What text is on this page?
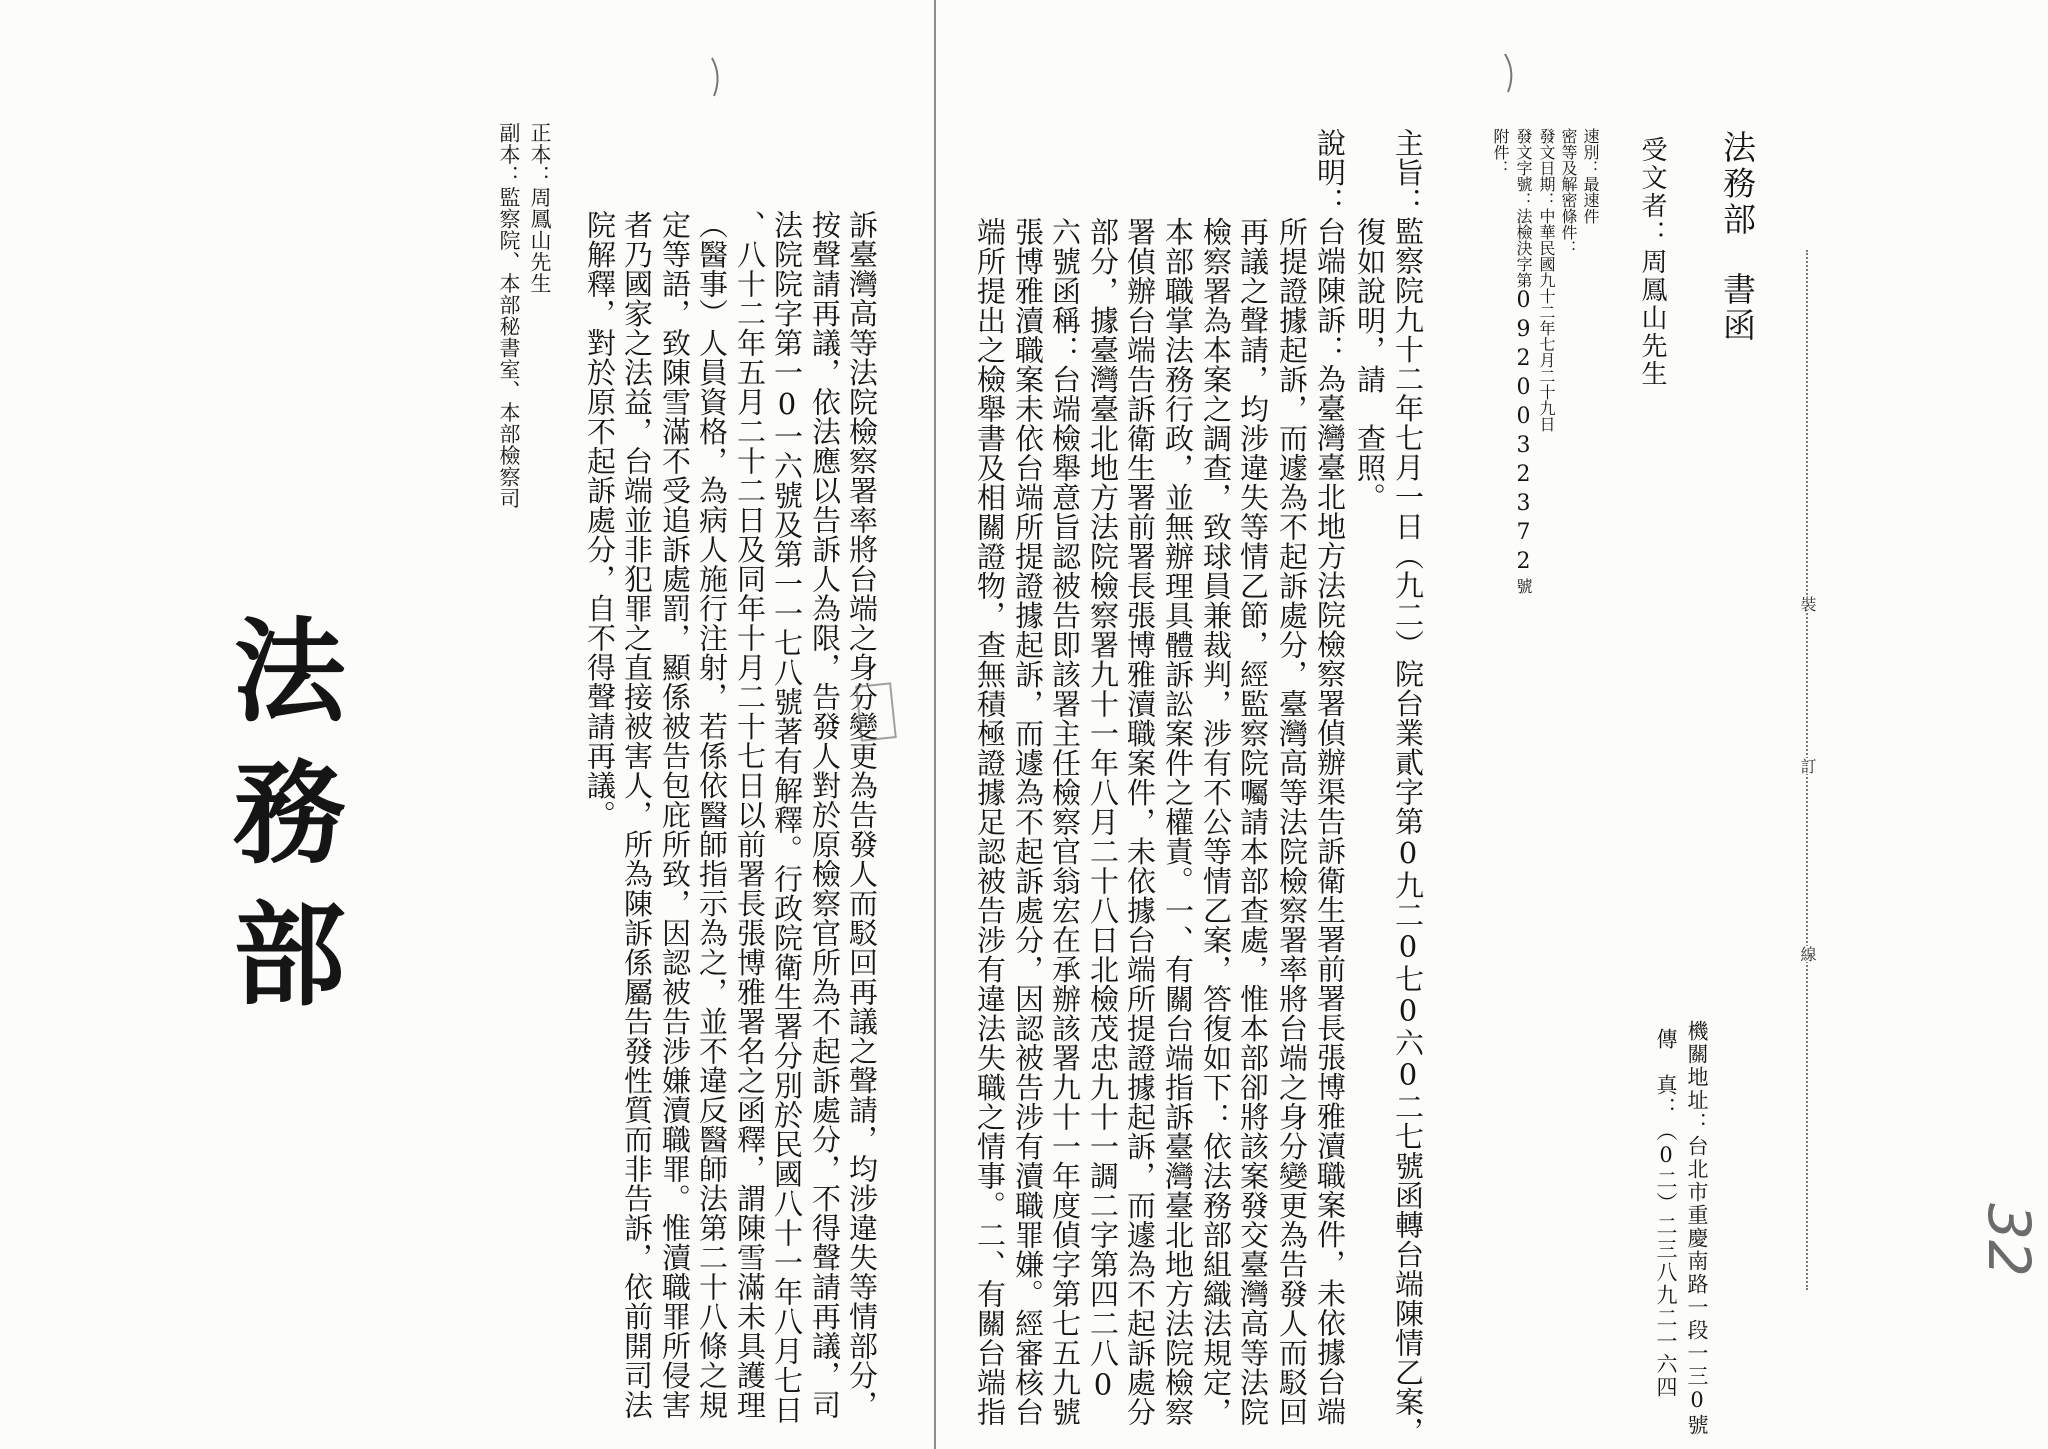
裝
訂
線
法務部書函
受文者：周鳳山先生
速別：最速件
密等及解密條件：
發文日期：中華民國九十二年七月二十九日
發文字號：法檢決字第0920032372號
附件：
機關地址：台北市重慶南路一段一三0號
傳　真：（0二）二三八九二一六四
主旨：監察院九十二年七月一日（九二）院台業貳字第0九二0七0六0二七號函轉台端陳情乙案，
復如說明，請　查照。
說明：台端陳訴：為臺灣臺北地方法院檢察署偵辦渠告訴衛生署前署長張博雅瀆職案件，未依據台端
所提證據起訴，而遽為不起訴處分，臺灣高等法院檢察署率將台端之身分變更為告發人而駁回
再議之聲請，均涉違失等情乙節，經監察院囑請本部查處，惟本部卻將該案發交臺灣高等法院
檢察署為本案之調查，致球員兼裁判，涉有不公等情乙案，答復如下：依法務部組織法規定，
本部職掌法務行政，並無辦理具體訴訟案件之權責。一、有關台端指訴臺灣臺北地方法院檢察
署偵辦台端告訴衛生署前署長張博雅瀆職案件，未依據台端所提證據起訴，而遽為不起訴處分
部分，據臺灣臺北地方法院檢察署九十一年八月二十八日北檢茂忠九十一調二字第四二八0
六號函稱：台端檢舉意旨認被告即該署主任檢察官翁宏在承辦該署九十一年度偵字第七五九號
張博雅瀆職案未依台端所提證據起訴，而遽為不起訴處分，因認被告涉有瀆職罪嫌。經審核台
端所提出之檢舉書及相關證物，查無積極證據足認被告涉有違法失職之情事。二、有關台端指
訴臺灣高等法院檢察署率將台端之身分變更為告發人而駁回再議之聲請，均涉違失等情部分，
按聲請再議，依法應以告訴人為限，告發人對於原檢察官所為不起訴處分，不得聲請再議，司
法院院字第一0一六號及第一一七八號著有解釋。行政院衛生署分別於民國八十一年八月七日
、八十二年五月二十二日及同年十月二十七日以前署長張博雅署名之函釋，謂陳雪滿未具護理
（醫事）人員資格，為病人施行注射，若係依醫師指示為之，並不違反醫師法第二十八條之規
定等語，致陳雪滿不受追訴處罰，顯係被告包庇所致，因認被告涉嫌瀆職罪。惟瀆職罪所侵害
者乃國家之法益，台端並非犯罪之直接被害人，所為陳訴係屬告發性質而非告訴，依前開司法
院解釋，對於原不起訴處分，自不得聲請再議。
正本：周鳳山先生
副本：監察院、本部秘書室、本部檢察司
法務部
32
